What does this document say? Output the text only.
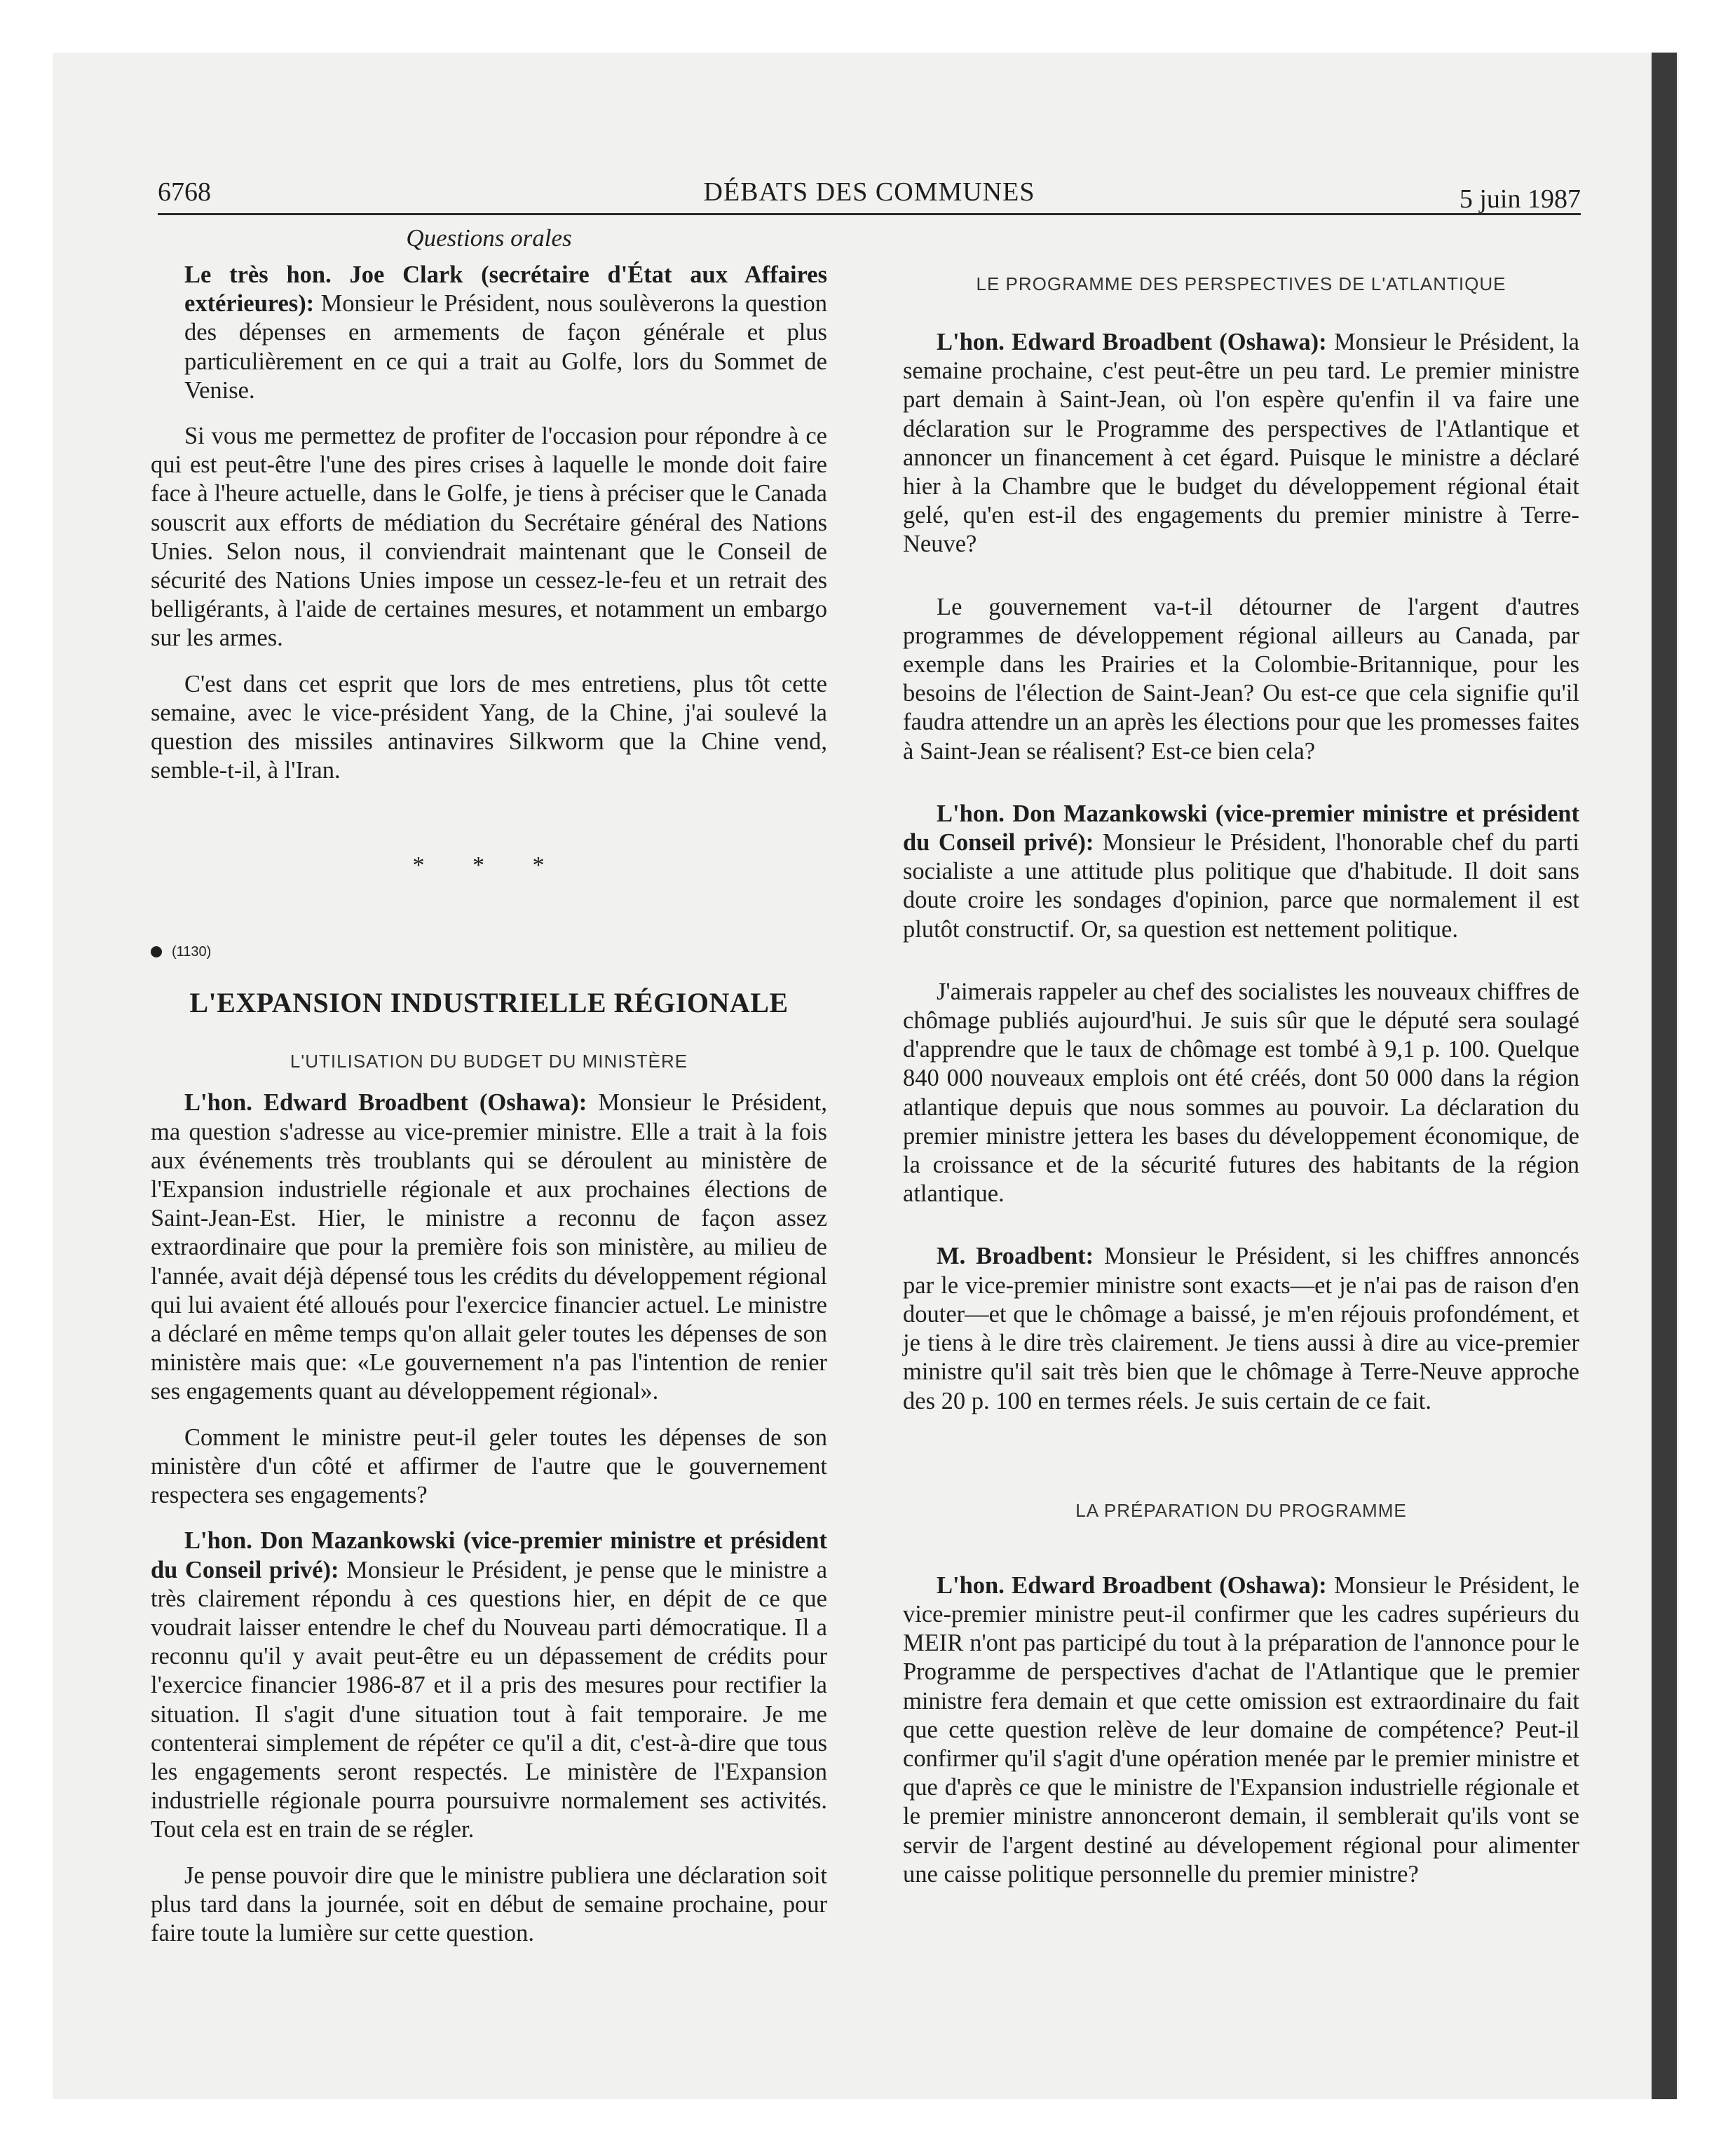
6768	DÉBATS DES COMMUNES	5 juin 1987
Questions orales

Le très hon. Joe Clark (secrétaire d'État aux Affaires extérieures): Monsieur le Président, nous soulèverons la question des dépenses en armements de façon générale et plus particulièrement en ce qui a trait au Golfe, lors du Sommet de Venise.

Si vous me permettez de profiter de l'occasion pour répondre à ce qui est peut-être l'une des pires crises à laquelle le monde doit faire face à l'heure actuelle, dans le Golfe, je tiens à préciser que le Canada souscrit aux efforts de médiation du Secrétaire général des Nations Unies. Selon nous, il conviendrait maintenant que le Conseil de sécurité des Nations Unies impose un cessez-le-feu et un retrait des belligérants, à l'aide de certaines mesures, et notamment un embargo sur les armes.

C'est dans cet esprit que lors de mes entretiens, plus tôt cette semaine, avec le vice-président Yang, de la Chine, j'ai soulevé la question des missiles antinavires Silkworm que la Chine vend, semble-t-il, à l'Iran.

* * *
(1130)
L'EXPANSION INDUSTRIELLE RÉGIONALE
L'UTILISATION DU BUDGET DU MINISTÈRE

L'hon. Edward Broadbent (Oshawa): Monsieur le Président, ma question s'adresse au vice-premier ministre. Elle a trait à la fois aux événements très troublants qui se déroulent au ministère de l'Expansion industrielle régionale et aux prochaines élections de Saint-Jean-Est. Hier, le ministre a reconnu de façon assez extraordinaire que pour la première fois son ministère, au milieu de l'année, avait déjà dépensé tous les crédits du développement régional qui lui avaient été alloués pour l'exercice financier actuel. Le ministre a déclaré en même temps qu'on allait geler toutes les dépenses de son ministère mais que: «Le gouvernement n'a pas l'intention de renier ses engagements quant au développement régional».

Comment le ministre peut-il geler toutes les dépenses de son ministère d'un côté et affirmer de l'autre que le gouvernement respectera ses engagements?

L'hon. Don Mazankowski (vice-premier ministre et président du Conseil privé): Monsieur le Président, je pense que le ministre a très clairement répondu à ces questions hier, en dépit de ce que voudrait laisser entendre le chef du Nouveau parti démocratique. Il a reconnu qu'il y avait peut-être eu un dépassement de crédits pour l'exercice financier 1986-87 et il a pris des mesures pour rectifier la situation. Il s'agit d'une situation tout à fait temporaire. Je me contenterai simplement de répéter ce qu'il a dit, c'est-à-dire que tous les engagements seront respectés. Le ministère de l'Expansion industrielle régionale pourra poursuivre normalement ses activités. Tout cela est en train de se régler.

Je pense pouvoir dire que le ministre publiera une déclaration soit plus tard dans la journée, soit en début de semaine prochaine, pour faire toute la lumière sur cette question.

LE PROGRAMME DES PERSPECTIVES DE L'ATLANTIQUE

L'hon. Edward Broadbent (Oshawa): Monsieur le Président, la semaine prochaine, c'est peut-être un peu tard. Le premier ministre part demain à Saint-Jean, où l'on espère qu'enfin il va faire une déclaration sur le Programme des perspectives de l'Atlantique et annoncer un financement à cet égard. Puisque le ministre a déclaré hier à la Chambre que le budget du développement régional était gelé, qu'en est-il des engagements du premier ministre à Terre-Neuve?

Le gouvernement va-t-il détourner de l'argent d'autres programmes de développement régional ailleurs au Canada, par exemple dans les Prairies et la Colombie-Britannique, pour les besoins de l'élection de Saint-Jean? Ou est-ce que cela signifie qu'il faudra attendre un an après les élections pour que les promesses faites à Saint-Jean se réalisent? Est-ce bien cela?

L'hon. Don Mazankowski (vice-premier ministre et président du Conseil privé): Monsieur le Président, l'honorable chef du parti socialiste a une attitude plus politique que d'habitude. Il doit sans doute croire les sondages d'opinion, parce que normalement il est plutôt constructif. Or, sa question est nettement politique.

J'aimerais rappeler au chef des socialistes les nouveaux chiffres de chômage publiés aujourd'hui. Je suis sûr que le député sera soulagé d'apprendre que le taux de chômage est tombé à 9,1 p. 100. Quelque 840 000 nouveaux emplois ont été créés, dont 50 000 dans la région atlantique depuis que nous sommes au pouvoir. La déclaration du premier ministre jettera les bases du développement économique, de la croissance et de la sécurité futures des habitants de la région atlantique.

M. Broadbent: Monsieur le Président, si les chiffres annoncés par le vice-premier ministre sont exacts—et je n'ai pas de raison d'en douter—et que le chômage a baissé, je m'en réjouis profondément, et je tiens à le dire très clairement. Je tiens aussi à dire au vice-premier ministre qu'il sait très bien que le chômage à Terre-Neuve approche des 20 p. 100 en termes réels. Je suis certain de ce fait.

LA PRÉPARATION DU PROGRAMME

L'hon. Edward Broadbent (Oshawa): Monsieur le Président, le vice-premier ministre peut-il confirmer que les cadres supérieurs du MEIR n'ont pas participé du tout à la préparation de l'annonce pour le Programme de perspectives d'achat de l'Atlantique que le premier ministre fera demain et que cette omission est extraordinaire du fait que cette question relève de leur domaine de compétence? Peut-il confirmer qu'il s'agit d'une opération menée par le premier ministre et que d'après ce que le ministre de l'Expansion industrielle régionale et le premier ministre annonceront demain, il semblerait qu'ils vont se servir de l'argent destiné au dévelopement régional pour alimenter une caisse politique personnelle du premier ministre?
